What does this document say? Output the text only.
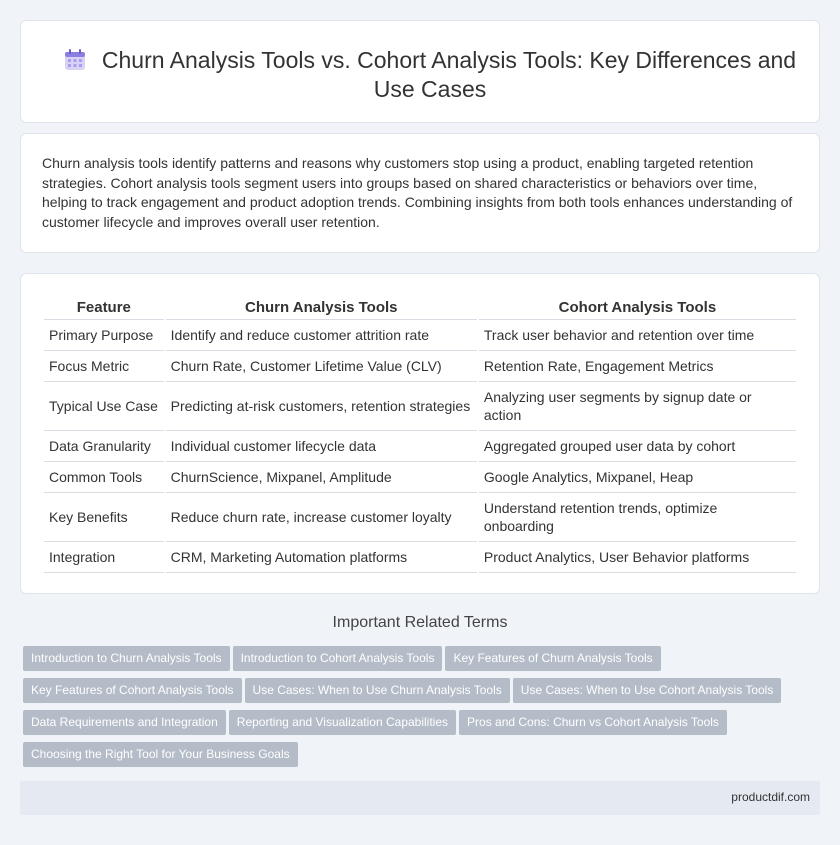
Churn Analysis Tools vs. Cohort Analysis Tools: Key Differences and Use Cases

Churn analysis tools identify patterns and reasons why customers stop using a product, enabling targeted retention strategies. Cohort analysis tools segment users into groups based on shared characteristics or behaviors over time, helping to track engagement and product adoption trends. Combining insights from both tools enhances understanding of customer lifecycle and improves overall user retention.

Feature	Churn Analysis Tools	Cohort Analysis Tools
Primary Purpose	Identify and reduce customer attrition rate	Track user behavior and retention over time
Focus Metric	Churn Rate, Customer Lifetime Value (CLV)	Retention Rate, Engagement Metrics
Typical Use Case	Predicting at-risk customers, retention strategies	Analyzing user segments by signup date or action
Data Granularity	Individual customer lifecycle data	Aggregated grouped user data by cohort
Common Tools	ChurnScience, Mixpanel, Amplitude	Google Analytics, Mixpanel, Heap
Key Benefits	Reduce churn rate, increase customer loyalty	Understand retention trends, optimize onboarding
Integration	CRM, Marketing Automation platforms	Product Analytics, User Behavior platforms
Important Related Terms
Introduction to Churn Analysis Tools Introduction to Cohort Analysis Tools Key Features of Churn Analysis Tools
Key Features of Cohort Analysis Tools Use Cases: When to Use Churn Analysis Tools Use Cases: When to Use Cohort Analysis Tools
Data Requirements and Integration Reporting and Visualization Capabilities Pros and Cons: Churn vs Cohort Analysis Tools
Choosing the Right Tool for Your Business Goals
productdif.com
